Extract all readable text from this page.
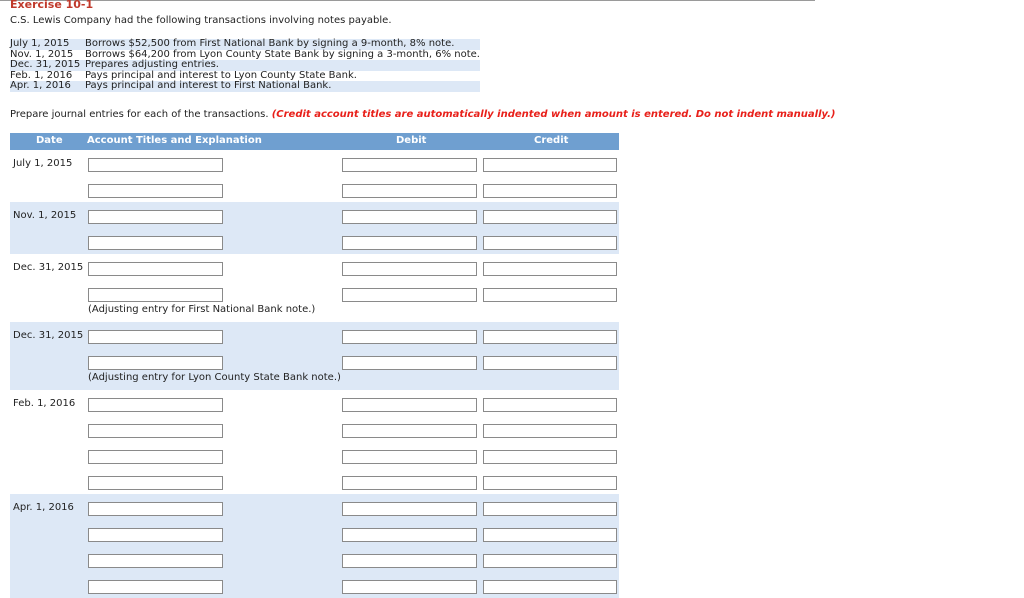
Exercise 10-1
C.S. Lewis Company had the following transactions involving notes payable.
July 1, 2015	Borrows $52,500 from First National Bank by signing a 9-month, 8% note.
Nov. 1, 2015	Borrows $64,200 from Lyon County State Bank by signing a 3-month, 6% note.
Dec. 31, 2015	Prepares adjusting entries.
Feb. 1, 2016	Pays principal and interest to Lyon County State Bank.
Apr. 1, 2016	Pays principal and interest to First National Bank.
Prepare journal entries for each of the transactions. (Credit account titles are automatically indented when amount is entered. Do not indent manually.)
Date Account Titles and Explanation	Debit	Credit
July 1, 2015
Nov. 1, 2015
Dec. 31, 2015
(Adjusting entry for First National Bank note.)
Dec. 31, 2015
(Adjusting entry for Lyon County State Bank note.)
Feb. 1, 2016
Apr. 1, 2016
